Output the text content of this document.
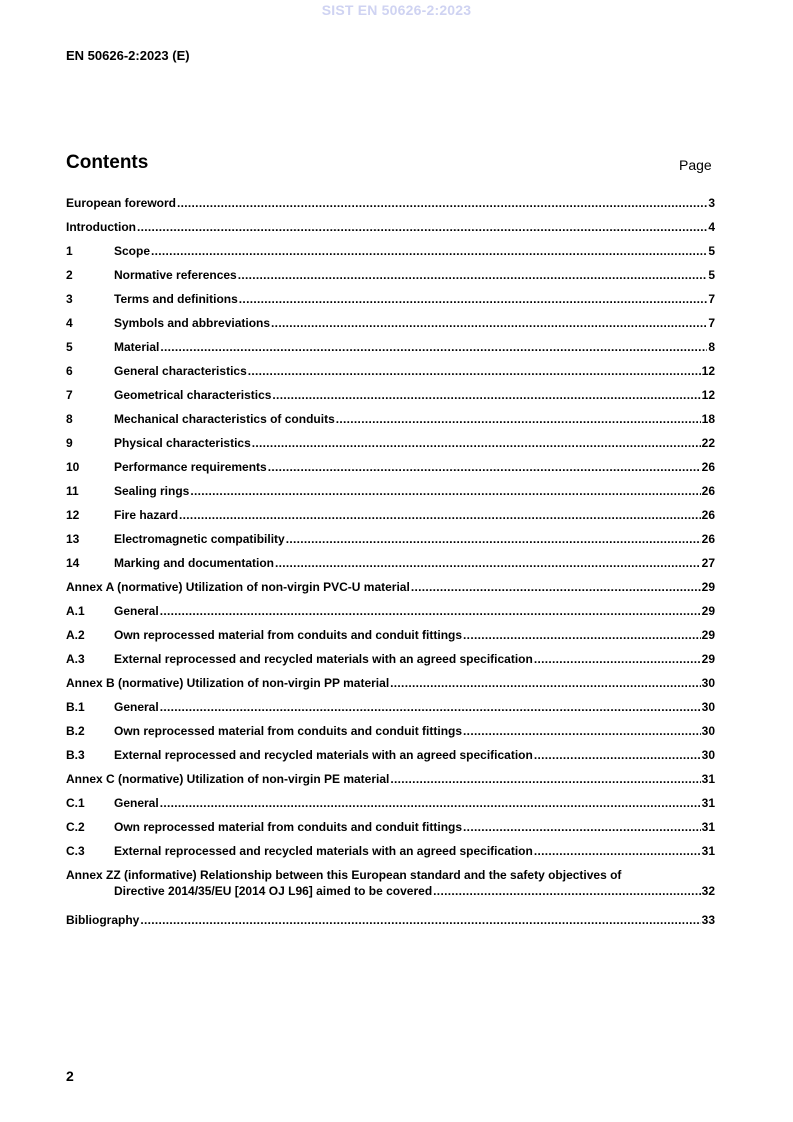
SIST EN 50626-2:2023
EN 50626-2:2023 (E)
Contents	Page
European foreword .....	3
Introduction .....	4
1	Scope .....	5
2	Normative references .....	5
3	Terms and definitions .....	7
4	Symbols and abbreviations .....	7
5	Material .....	8
6	General characteristics .....	12
7	Geometrical characteristics .....	12
8	Mechanical characteristics of conduits .....	18
9	Physical characteristics .....	22
10	Performance requirements .....	26
11	Sealing rings .....	26
12	Fire hazard .....	26
13	Electromagnetic compatibility .....	26
14	Marking and documentation .....	27
Annex A (normative) Utilization of non-virgin PVC-U material .....	29
A.1	General .....	29
A.2	Own reprocessed material from conduits and conduit fittings .....	29
A.3	External reprocessed and recycled materials with an agreed specification .....	29
Annex B (normative) Utilization of non-virgin PP material .....	30
B.1	General .....	30
B.2	Own reprocessed material from conduits and conduit fittings .....	30
B.3	External reprocessed and recycled materials with an agreed specification .....	30
Annex C (normative) Utilization of non-virgin PE material .....	31
C.1	General .....	31
C.2	Own reprocessed material from conduits and conduit fittings .....	31
C.3	External reprocessed and recycled materials with an agreed specification .....	31
Annex ZZ (informative) Relationship between this European standard and the safety objectives of
Directive 2014/35/EU [2014 OJ L96] aimed to be covered .....	32
Bibliography .....	33
2
